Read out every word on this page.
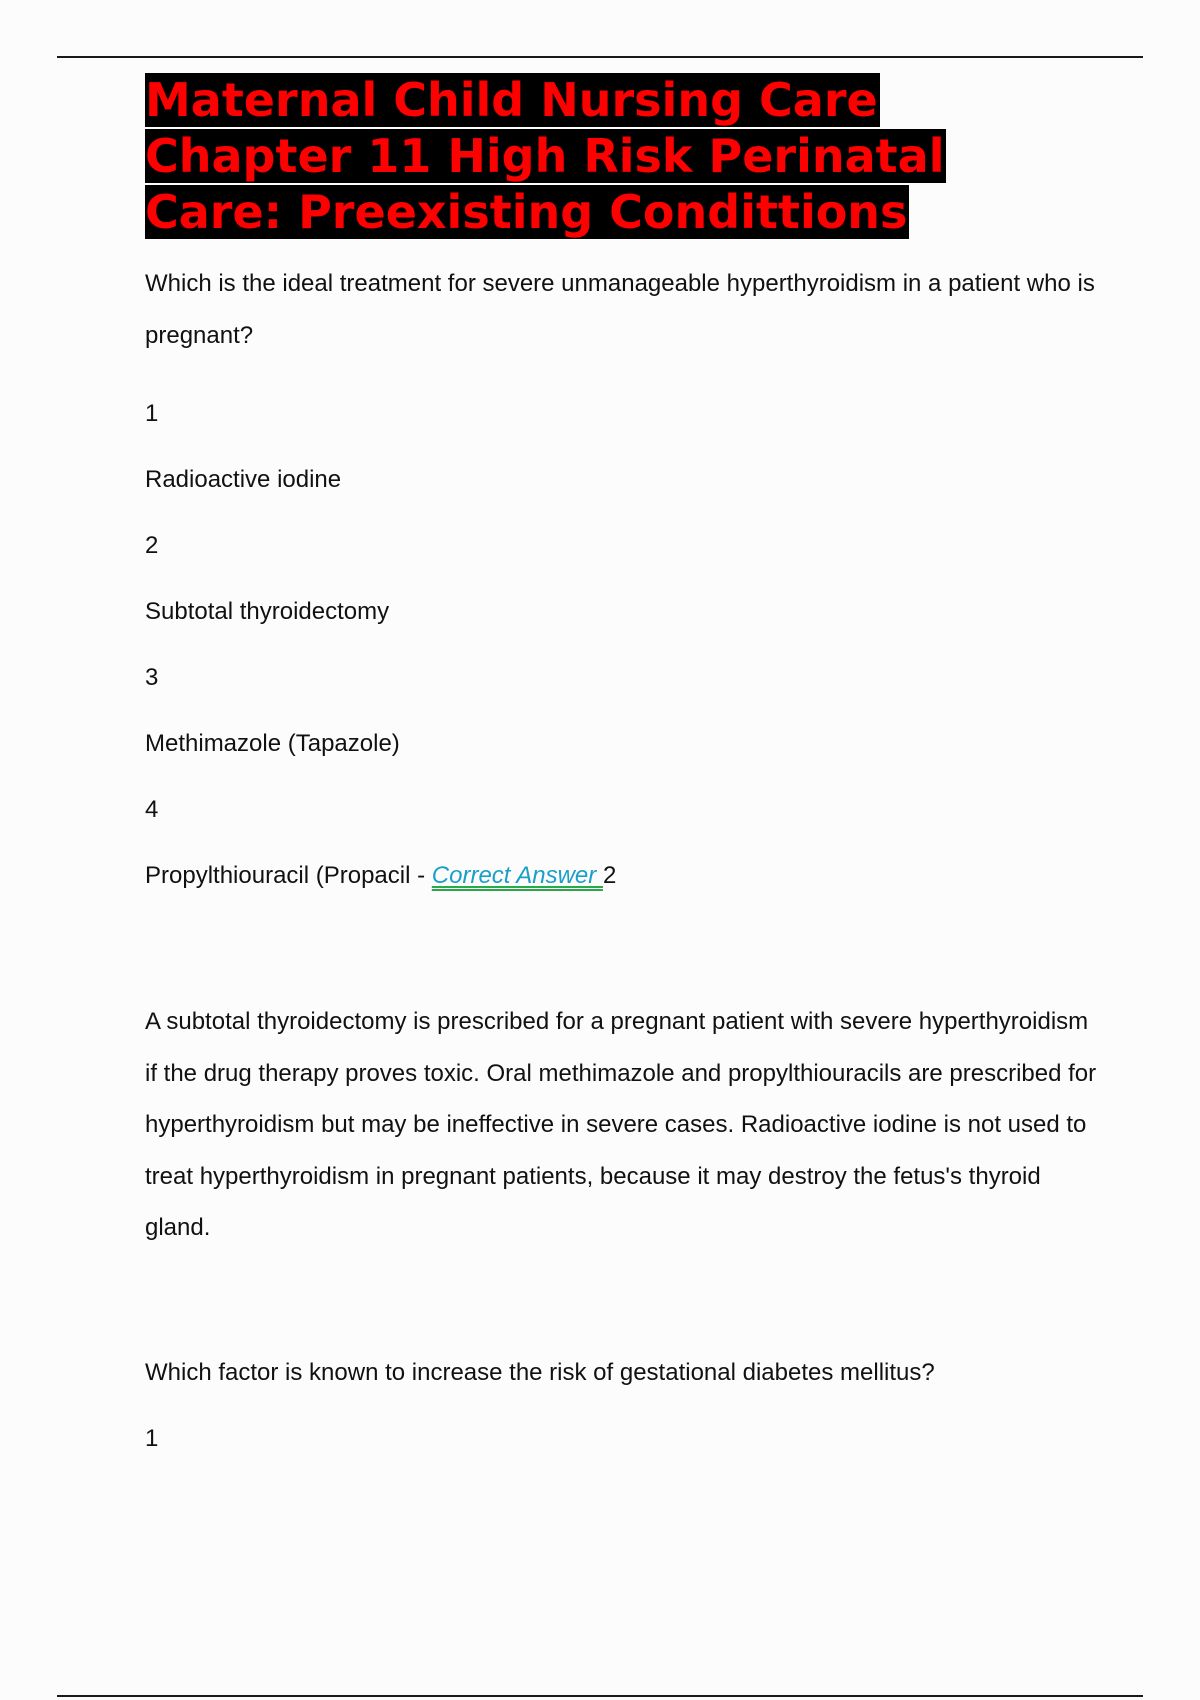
Maternal Child Nursing Care
Chapter 11 High Risk Perinatal
Care: Preexisting Condittions

Which is the ideal treatment for severe unmanageable hyperthyroidism in a patient who is pregnant?

1

Radioactive iodine

2

Subtotal thyroidectomy

3

Methimazole (Tapazole)

4

Propylthiouracil (Propacil - Correct Answer 2

A subtotal thyroidectomy is prescribed for a pregnant patient with severe hyperthyroidism if the drug therapy proves toxic. Oral methimazole and propylthiouracils are prescribed for hyperthyroidism but may be ineffective in severe cases. Radioactive iodine is not used to treat hyperthyroidism in pregnant patients, because it may destroy the fetus's thyroid gland.

Which factor is known to increase the risk of gestational diabetes mellitus?

1
